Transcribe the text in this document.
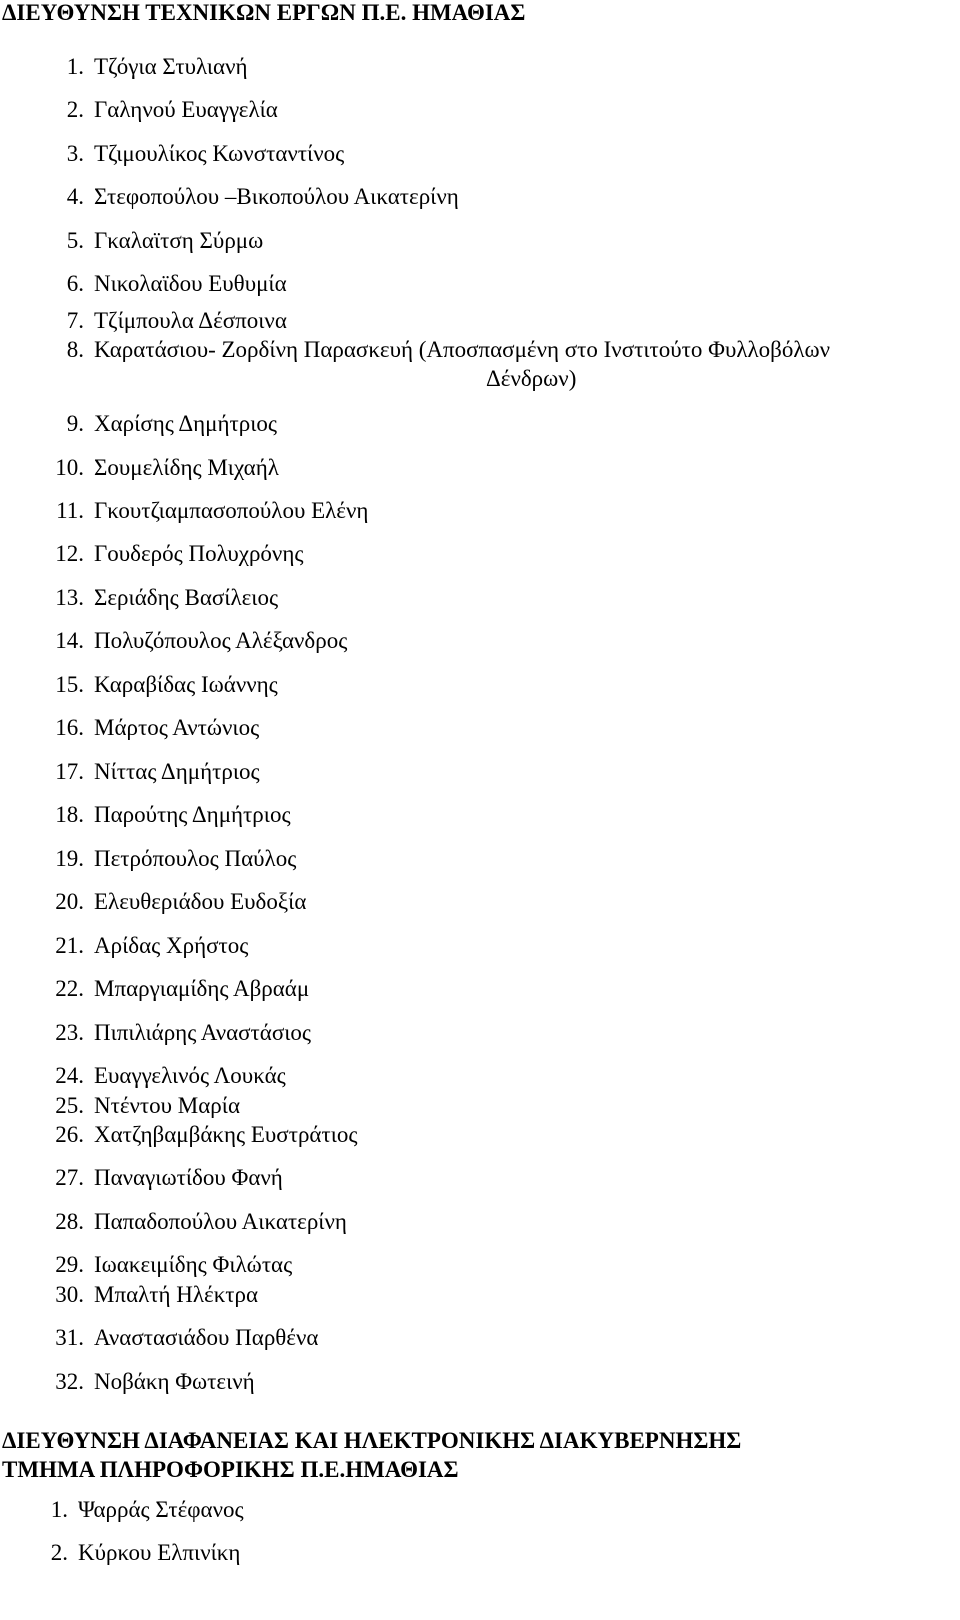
ΔΙΕΥΘΥΝΣΗ ΤΕΧΝΙΚΩΝ ΕΡΓΩΝ Π.Ε. ΗΜΑΘΙΑΣ
1. Τζόγια Στυλιανή
2. Γαληνού Ευαγγελία
3. Τζιμουλίκος Κωνσταντίνος
4. Στεφοπούλου –Βικοπούλου Αικατερίνη
5. Γκαλαϊτση Σύρμω
6. Νικολαϊδου Ευθυμία
7. Τζίμπουλα Δέσποινα
8. Καρατάσιου- Ζορδίνη Παρασκευή (Αποσπασμένη στο Ινστιτούτο Φυλλοβόλων
Δένδρων)
9. Χαρίσης Δημήτριος
10. Σουμελίδης Μιχαήλ
11. Γκουτζιαμπασοπούλου Ελένη
12. Γουδερός Πολυχρόνης
13. Σεριάδης Βασίλειος
14. Πολυζόπουλος Αλέξανδρος
15. Καραβίδας Ιωάννης
16. Μάρτος Αντώνιος
17. Νίττας Δημήτριος
18. Παρούτης Δημήτριος
19. Πετρόπουλος Παύλος
20. Ελευθεριάδου Ευδοξία
21. Αρίδας Χρήστος
22. Μπαργιαμίδης Αβραάμ
23. Πιπιλιάρης Αναστάσιος
24. Ευαγγελινός Λουκάς
25. Ντέντου Μαρία
26. Χατζηβαμβάκης Ευστράτιος
27. Παναγιωτίδου Φανή
28. Παπαδοπούλου Αικατερίνη
29. Ιωακειμίδης Φιλώτας
30. Μπαλτή Ηλέκτρα
31. Αναστασιάδου Παρθένα
32. Νοβάκη Φωτεινή
ΔΙΕΥΘΥΝΣΗ ΔΙΑΦΑΝΕΙΑΣ ΚΑΙ ΗΛΕΚΤΡΟΝΙΚΗΣ ΔΙΑΚΥΒΕΡΝΗΣΗΣ
ΤΜΗΜΑ ΠΛΗΡΟΦΟΡΙΚΗΣ Π.Ε.ΗΜΑΘΙΑΣ
1. Ψαρράς Στέφανος
2. Κύρκου Ελπινίκη
